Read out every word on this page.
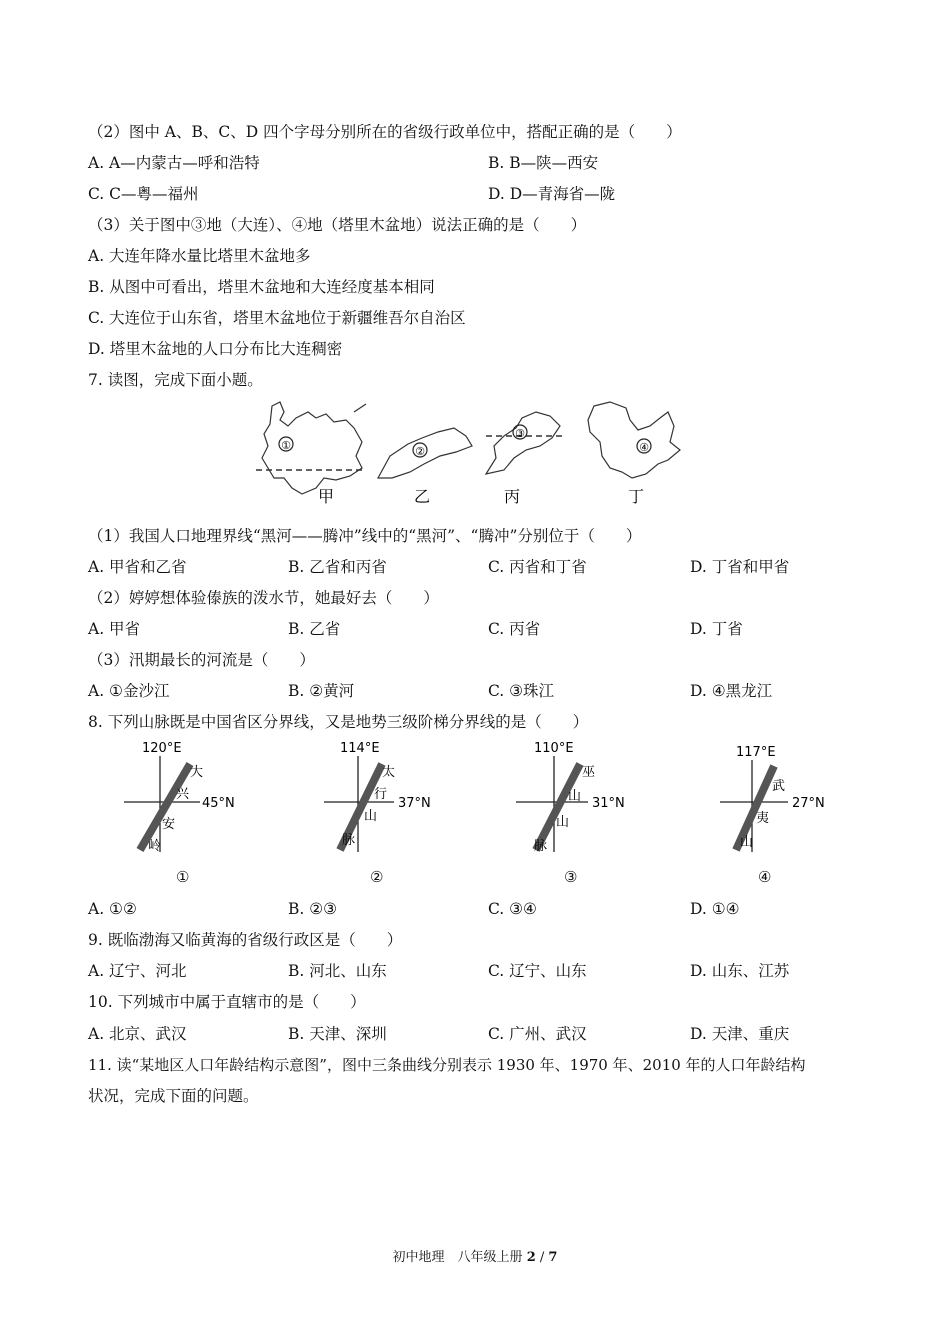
（2）图中 A、B、C、D 四个字母分别所在的省级行政单位中，搭配正确的是（　　）
A. A—内蒙古—呼和浩特	B. B—陕—西安
C. C—粤—福州	D. D—青海省—陇
（3）关于图中③地（大连）、④地（塔里木盆地）说法正确的是（　　）
A. 大连年降水量比塔里木盆地多
B. 从图中可看出，塔里木盆地和大连经度基本相同
C. 大连位于山东省，塔里木盆地位于新疆维吾尔自治区
D. 塔里木盆地的人口分布比大连稠密
7. 读图，完成下面小题。
①	②
③
④
甲	乙	丙	丁
（1）我国人口地理界线“黑河——腾冲”线中的“黑河”、“腾冲”分别位于（　　）
A. 甲省和乙省	B. 乙省和丙省	C. 丙省和丁省	D. 丁省和甲省
（2）婷婷想体验傣族的泼水节，她最好去（　　）
A. 甲省	B. 乙省	C. 丙省	D. 丁省
（3）汛期最长的河流是（　　）
A. ①金沙江	B. ②黄河	C. ③珠江	D. ④黑龙江
8. 下列山脉既是中国省区分界线，又是地势三级阶梯分界线的是（　　）
120°E
45°N
大
兴
安
岭
114°E
37°N
太
行
山
脉
110°E
31°N
巫
山
山
脉
117°E
27°N
武
夷
山
①	②	③	④
A. ①②	B. ②③	C. ③④	D. ①④
9. 既临渤海又临黄海的省级行政区是（　　）
A. 辽宁、河北	B. 河北、山东	C. 辽宁、山东	D. 山东、江苏
10. 下列城市中属于直辖市的是（　　）
A. 北京、武汉	B. 天津、深圳	C. 广州、武汉	D. 天津、重庆
11. 读“某地区人口年龄结构示意图”，图中三条曲线分别表示 1930 年、1970 年、2010 年的人口年龄结构
状况，完成下面的问题。
初中地理　八年级上册 2 / 7
